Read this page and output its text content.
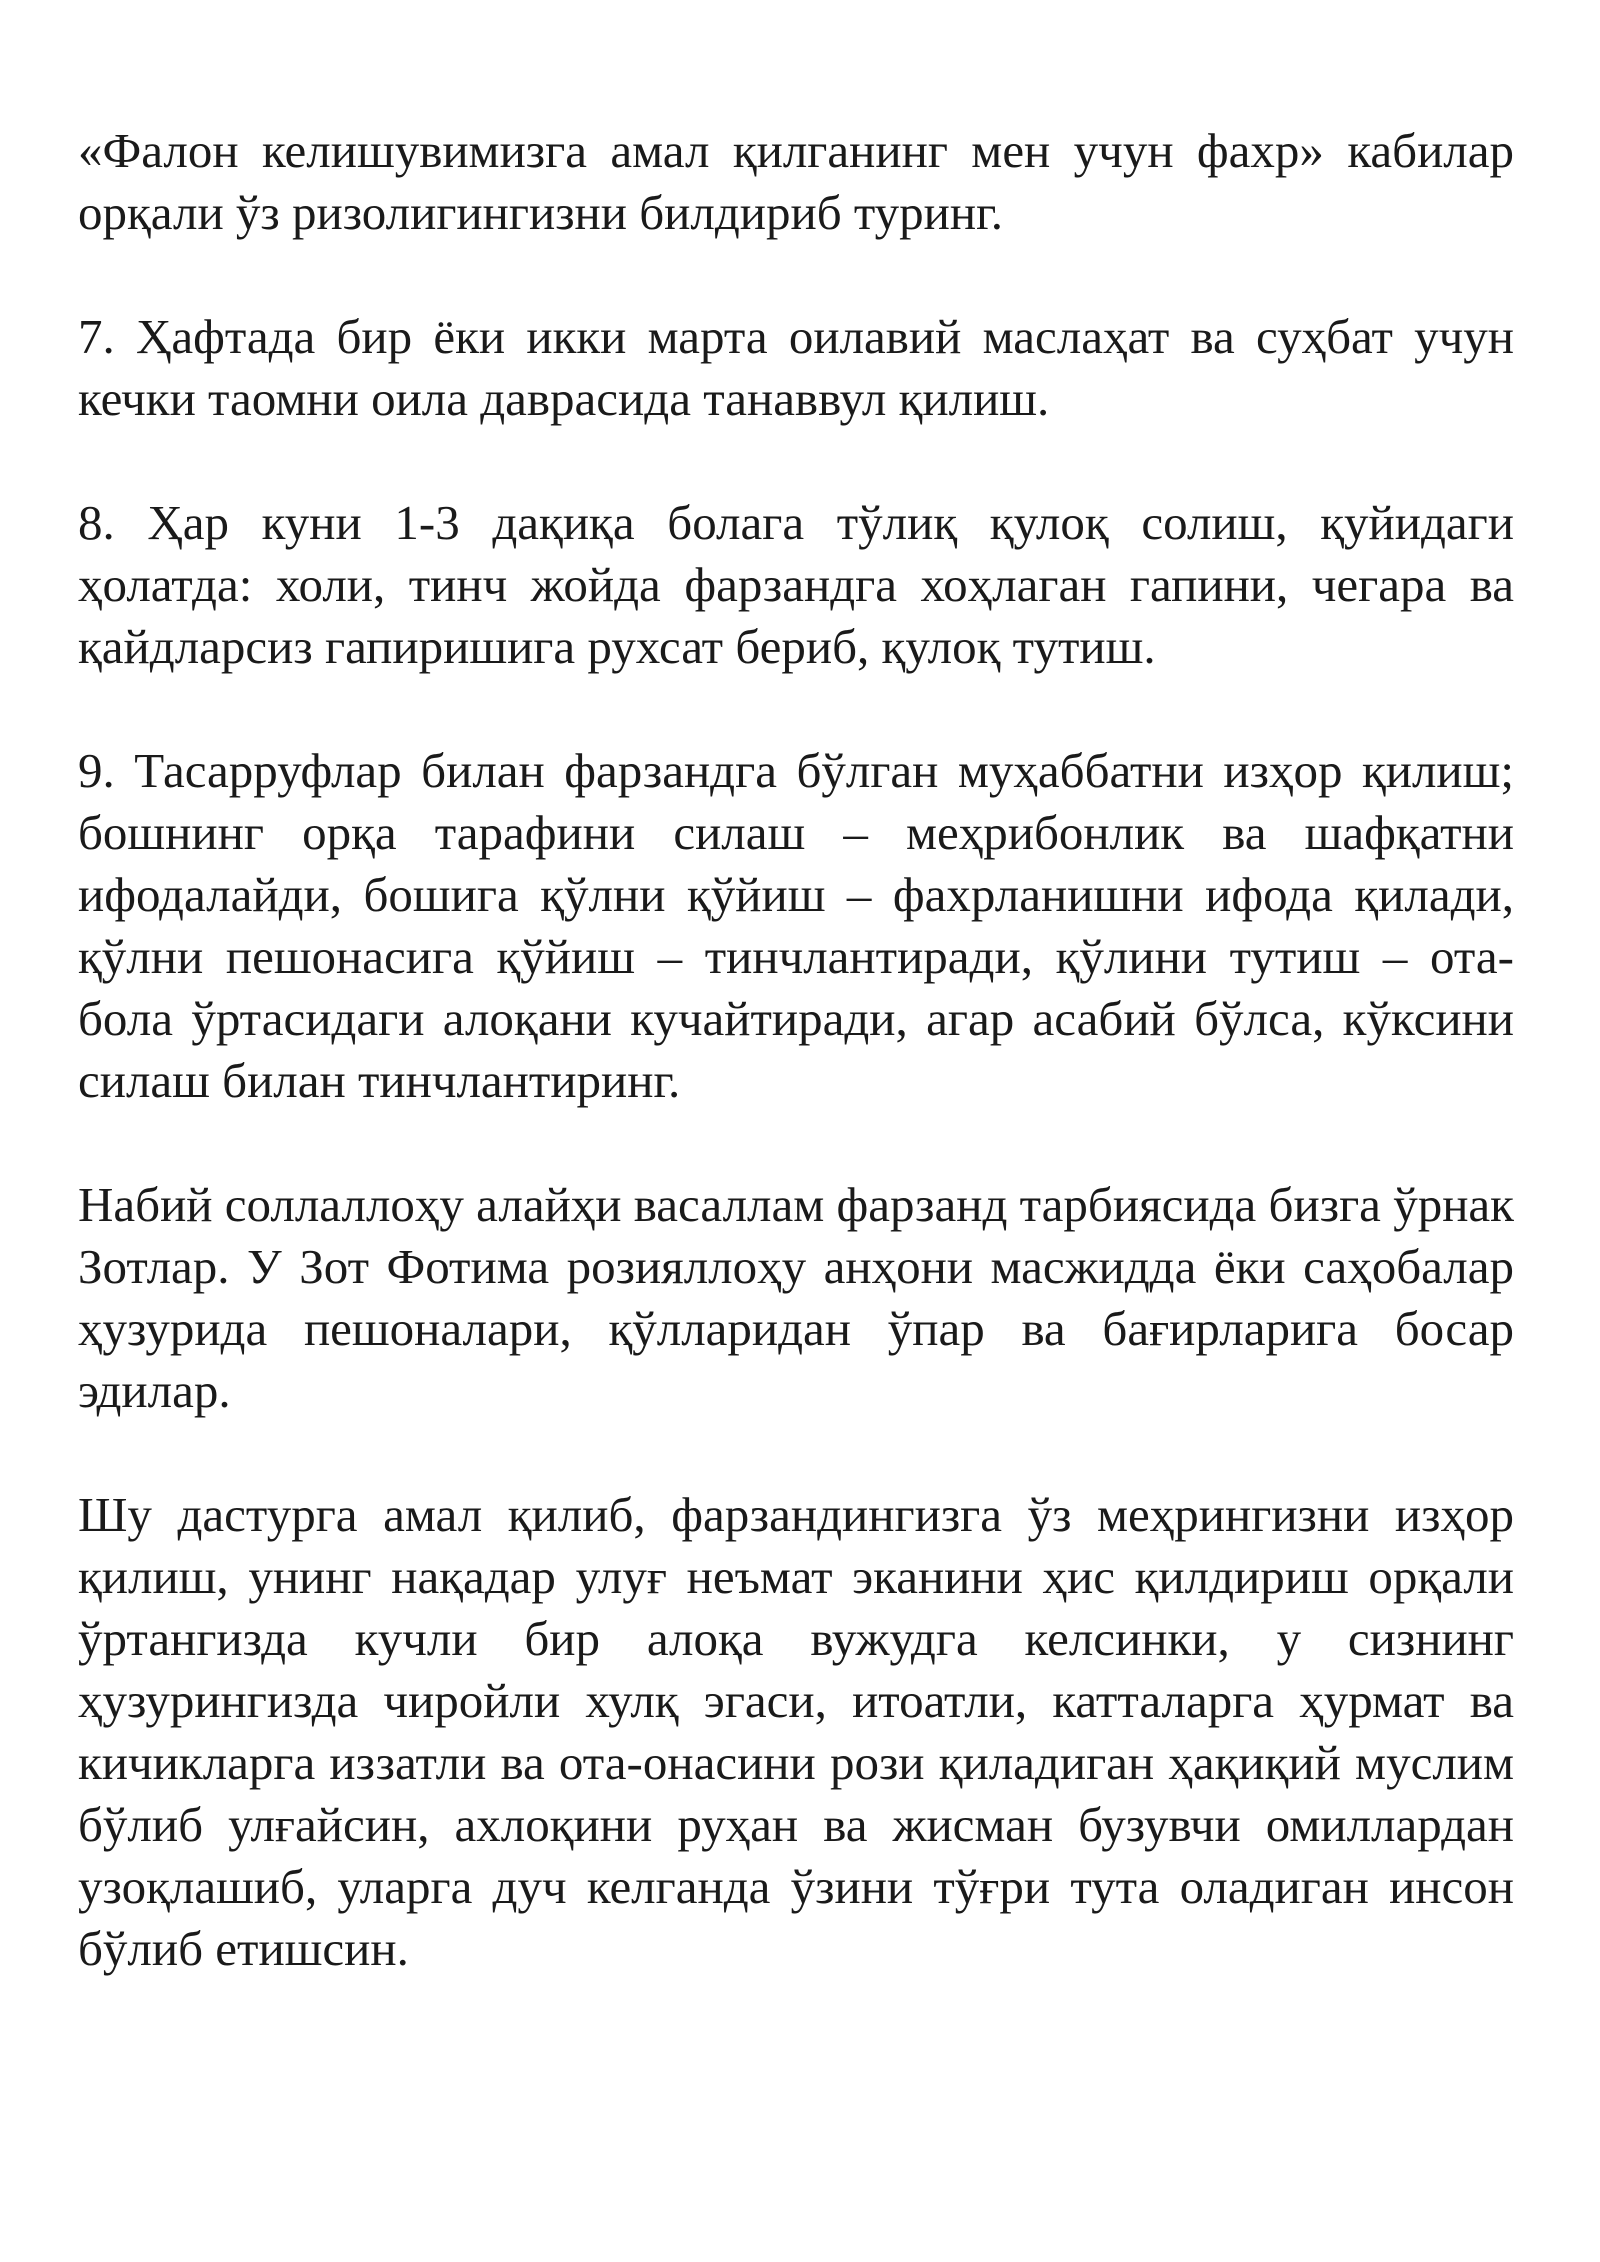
«Фалон келишувимизга амал қилганинг мен учун фахр» кабилар орқали ўз ризолигингизни билдириб туринг.

7. Ҳафтада бир ёки икки марта оилавий маслаҳат ва суҳбат учун кечки таомни оила даврасида танаввул қилиш.

8. Ҳар куни 1-3 дақиқа болага тўлиқ қулоқ солиш, қуйидаги ҳолатда: холи, тинч жойда фарзандга хоҳлаган гапини, чегара ва қайдларсиз гапиришига рухсат бериб, қулоқ тутиш.

9. Тасарруфлар билан фарзандга бўлган муҳаббатни изҳор қилиш; бошнинг орқа тарафини силаш – меҳрибонлик ва шафқатни ифодалайди, бошига қўлни қўйиш – фахрланишни ифода қилади, қўлни пешонасига қўйиш – тинчлантиради, қўлини тутиш – ота-бола ўртасидаги алоқани кучайтиради, агар асабий бўлса, кўксини силаш билан тинчлантиринг.

Набий соллаллоҳу алайҳи васаллам фарзанд тарбиясида бизга ўрнак Зотлар. У Зот Фотима розияллоҳу анҳони масжидда ёки саҳобалар ҳузурида пешоналари, қўлларидан ўпар ва бағирларига босар эдилар.

Шу дастурга амал қилиб, фарзандингизга ўз меҳрингизни изҳор қилиш, унинг нақадар улуғ неъмат эканини ҳис қилдириш орқали ўртангизда кучли бир алоқа вужудга келсинки, у сизнинг ҳузурингизда чиройли хулқ эгаси, итоатли, катталарга ҳурмат ва кичикларга иззатли ва ота-онасини рози қиладиган ҳақиқий муслим бўлиб улғайсин, ахлоқини руҳан ва жисман бузувчи омиллардан узоқлашиб, уларга дуч келганда ўзини тўғри тута оладиган инсон бўлиб етишсин.
